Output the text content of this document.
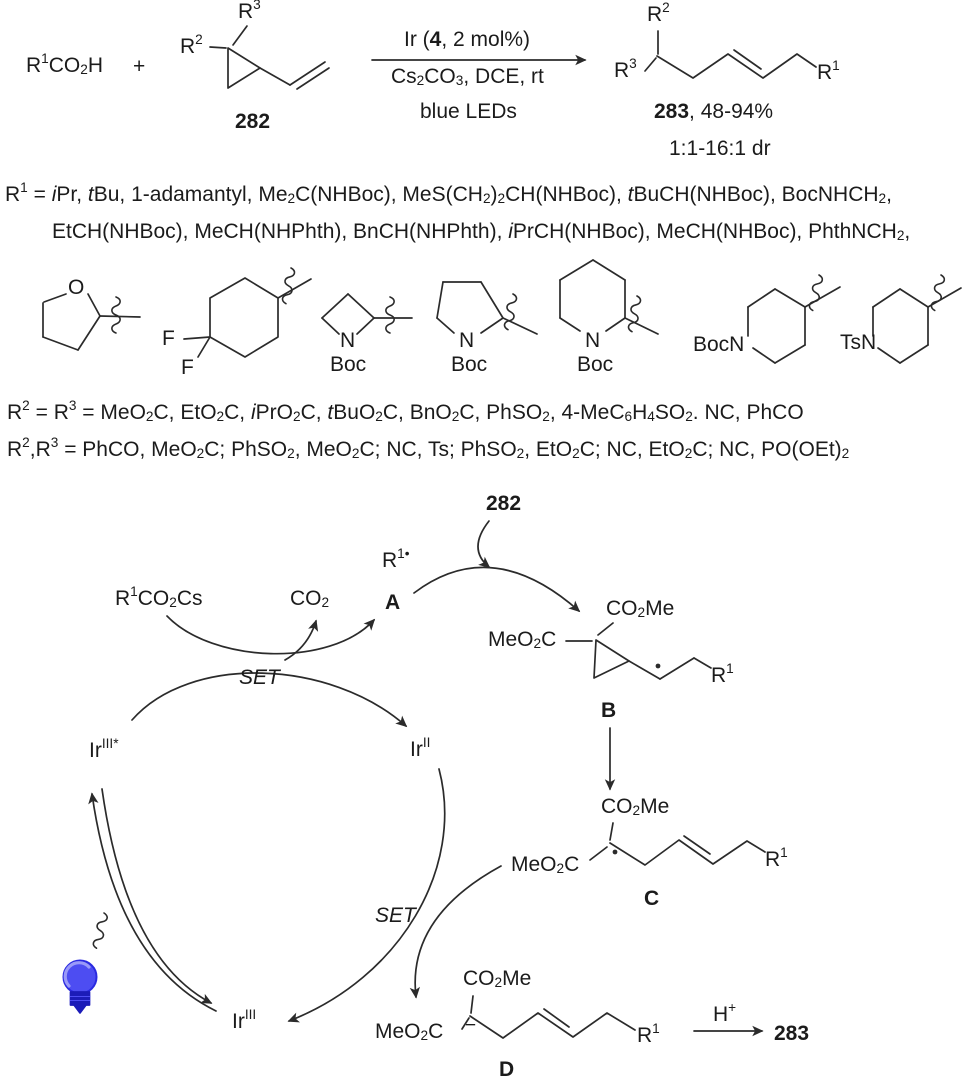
$R^1CO_2H$ +
$R^2$
$R^3$
282
Ir (4, 2 mol%)
$Cs_2CO_3$, DCE, rt
blue LEDs
$R^2$
$R^3$	$R^1$
283, 48-94%
1:1-16:1 dr
$R^1$ = iPr, tBu, 1-adamantyl, $Me_2C(NHBoc)$, $MeS(CH_2)_2CH(NHBoc)$, tBuCH(NHBoc), BocNHCH$_2$,
EtCH(NHBoc), MeCH(NHPhth), BnCH(NHPhth), iPrCH(NHBoc), MeCH(NHBoc), PhthNCH$_2$,
$R^2 = R^3 = MeO_2C$, EtO$_2$C, iPrO$_2$C, tBuO$_2$C, BnO$_2$C, PhSO$_2$, $4-MeC_6H_4SO_2$. NC, PhCO
$R^2,R^3$ = PhCO, MeO$_2$C; PhSO$_2$, MeO$_2$C; NC, Ts; PhSO$_2$, EtO$_2$C; NC, EtO$_2$C; NC, $PO(OEt)_2$
O
F
F
N
Boc
N
Boc
N
Boc
BocN	TsN
282
$R^{1•}$
A
$R^1CO_2Cs$	$CO_2$
SET
$Ir^{III*}$	$Ir^{II}$
$Ir^{III}$
MeO$_2$C
$CO_2Me$
$R^1$
B
$CO_2Me$
MeO$_2$C	$R^1$
C
SET
$CO_2Me$
MeO$_2$C −	$R^1$
D
H+
283
